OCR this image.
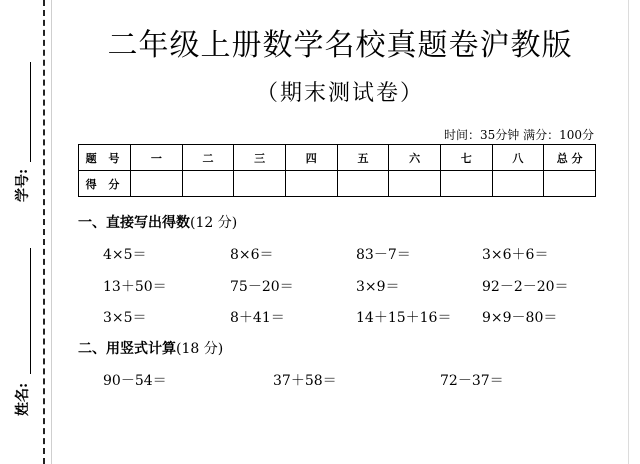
学号:
姓名:
二年级上册数学名校真题卷沪教版
（期末测试卷）
时间：35分钟 满分：100分
题 号	一	二	三	四	五	六	七	八	总 分
得 分									
一、直接写出得数(12 分)
4×5＝	8×6＝	83－7＝	3×6＋6＝
13＋50＝	75－20＝	3×9＝	92－2－20＝
3×5＝	8＋41＝	14＋15＋16＝ 9×9－80＝
二、用竖式计算(18 分)
90－54＝	37＋58＝	72－37＝
